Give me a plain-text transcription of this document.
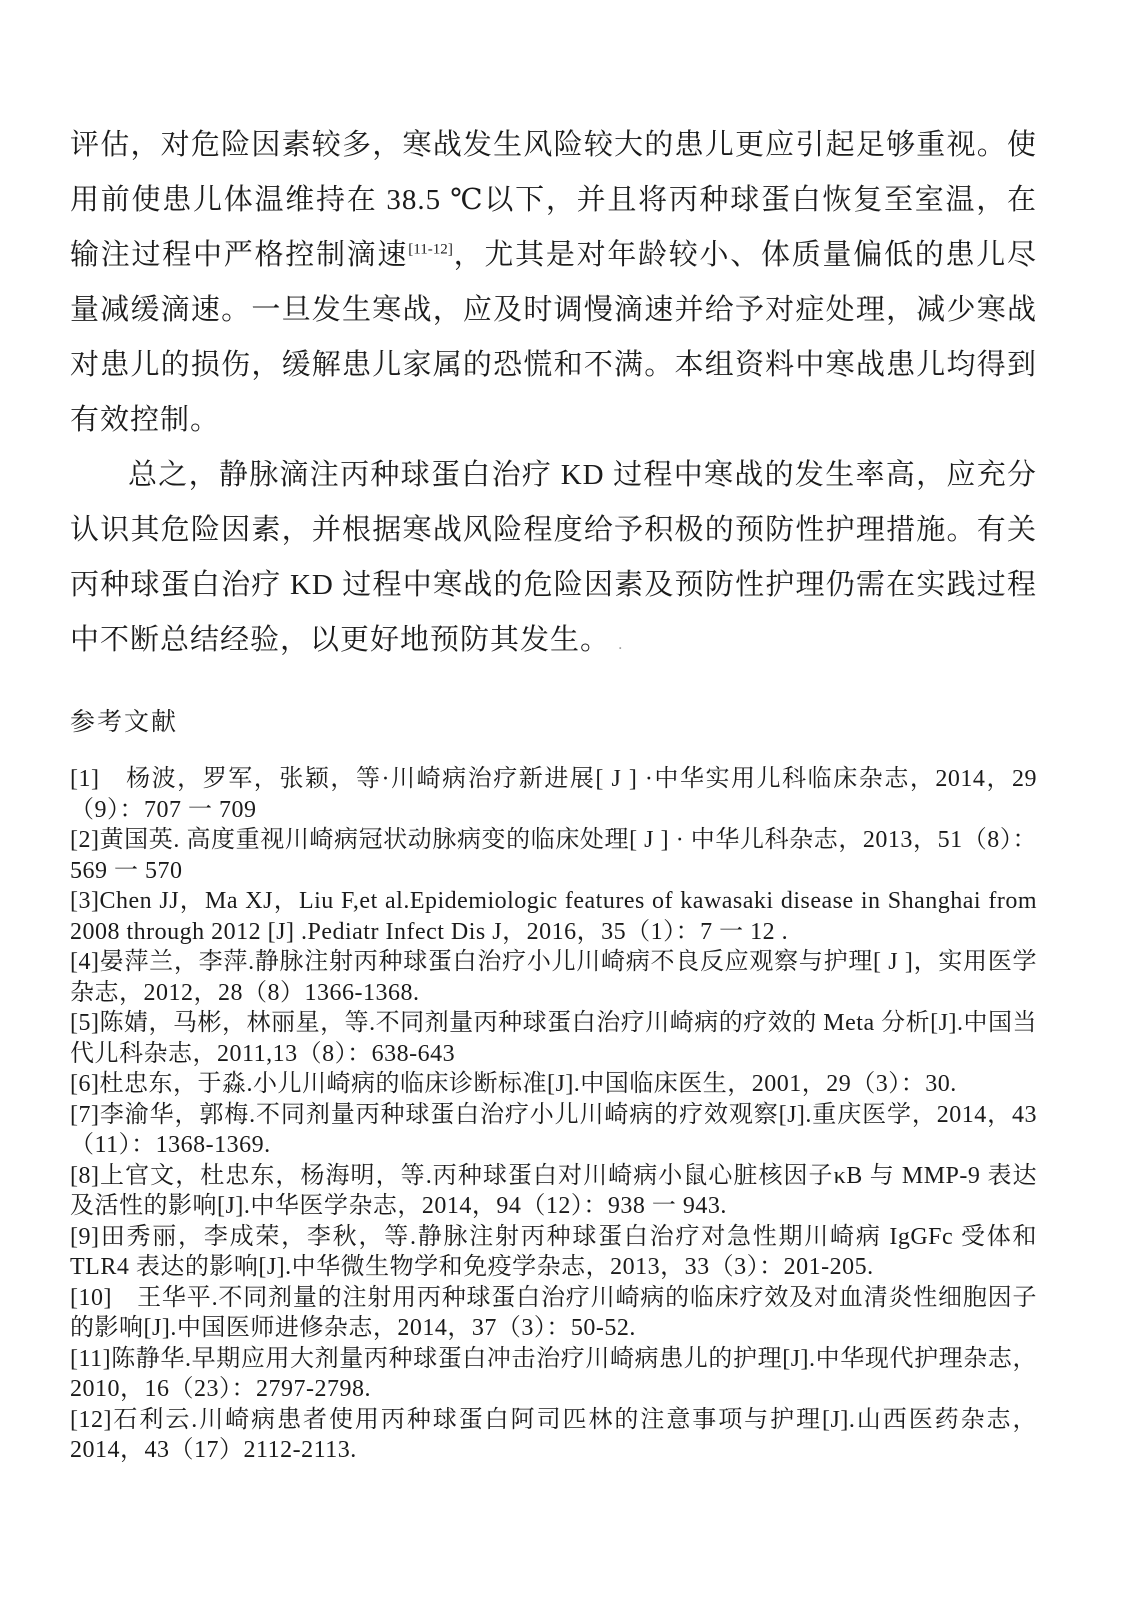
评估，对危险因素较多，寒战发生风险较大的患儿更应引起足够重视。使用前使患儿体温维持在 38.5 ℃以下，并且将丙种球蛋白恢复至室温，在输注过程中严格控制滴速[11-12]，尤其是对年龄较小、体质量偏低的患儿尽量减缓滴速。一旦发生寒战，应及时调慢滴速并给予对症处理，减少寒战对患儿的损伤，缓解患儿家属的恐慌和不满。本组资料中寒战患儿均得到有效控制。

总之，静脉滴注丙种球蛋白治疗 KD 过程中寒战的发生率高，应充分认识其危险因素，并根据寒战风险程度给予积极的预防性护理措施。有关丙种球蛋白治疗 KD 过程中寒战的危险因素及预防性护理仍需在实践过程中不断总结经验，以更好地预防其发生。 .

参考文献

[1]　杨波，罗军，张颖，等·川崎病治疗新进展[ J ] ·中华实用儿科临床杂志，2014，29（9）：707 一 709

[2]黄国英. 高度重视川崎病冠状动脉病变的临床处理[ J ] · 中华儿科杂志，2013，51（8）：569 一 570

[3]Chen JJ，Ma XJ，Liu F,et al.Epidemiologic features of kawasaki disease in Shanghai from 2008 through 2012 [J] .Pediatr Infect Dis J，2016，35（1）：7 一 12 .

[4]晏萍兰，李萍.静脉注射丙种球蛋白治疗小儿川崎病不良反应观察与护理[ J ]，实用医学杂志，2012，28（8）1366-1368.

[5]陈婧，马彬，林丽星，等.不同剂量丙种球蛋白治疗川崎病的疗效的 Meta 分析[J].中国当代儿科杂志，2011,13（8）：638-643

[6]杜忠东，于淼.小儿川崎病的临床诊断标准[J].中国临床医生，2001，29（3）：30.

[7]李渝华，郭梅.不同剂量丙种球蛋白治疗小儿川崎病的疗效观察[J].重庆医学，2014，43（11）：1368-1369.

[8]上官文，杜忠东，杨海明，等.丙种球蛋白对川崎病小鼠心脏核因子κB 与 MMP-9 表达及活性的影响[J].中华医学杂志，2014，94（12）：938 一 943.

[9]田秀丽，李成荣，李秋，等.静脉注射丙种球蛋白治疗对急性期川崎病 IgGFc 受体和 TLR4 表达的影响[J].中华微生物学和免疫学杂志，2013，33（3）：201-205.

[10]　王华平.不同剂量的注射用丙种球蛋白治疗川崎病的临床疗效及对血清炎性细胞因子的影响[J].中国医师进修杂志，2014，37（3）：50-52.

[11]陈静华.早期应用大剂量丙种球蛋白冲击治疗川崎病患儿的护理[J].中华现代护理杂志，2010，16（23）：2797-2798.

[12]石利云.川崎病患者使用丙种球蛋白阿司匹林的注意事项与护理[J].山西医药杂志，2014，43（17）2112-2113.
